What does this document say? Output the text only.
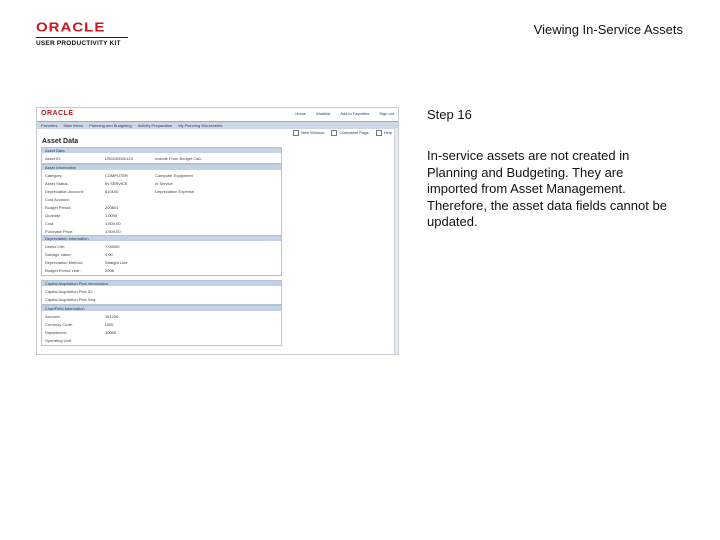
ORACLE
USER PRODUCTIVITY KIT
Viewing In-Service Assets
ORACLE	Home	Worklist	Add to Favorites	Sign out
Favorites Main Menu Planning and Budgeting Activity Preparation My Planning Worksheets
New Window	Customize Page	Help
Asset Data
Asset Data
Asset ID:	US0100000123	Include From Budget Calc
Asset Information
Category:	COMPUTER	Computer Equipment
Asset Status:	IN SERVICE	In Service
Depreciation Account:	610100	Depreciation Expense
Cost Account:
Budget Period:	200801
Quantity:	1.0000
Cost:	1,500.00
Purchase Price:	1,500.00
Depreciation Information
Useful Life:	7.00000
Salvage Value:	0.00
Depreciation Method:	Straight Line
Budget Period Year:	2008
Capital Acquisition Plan Information
Capital Acquisition Plan ID:
Capital Acquisition Plan Seq:
ChartField Information
Account:	161200
Currency Code:	USD
Department:	10000
Operating Unit:
Step 16
In-service assets are not created in Planning and Budgeting. They are imported from Asset Management. Therefore, the asset data fields cannot be updated.
